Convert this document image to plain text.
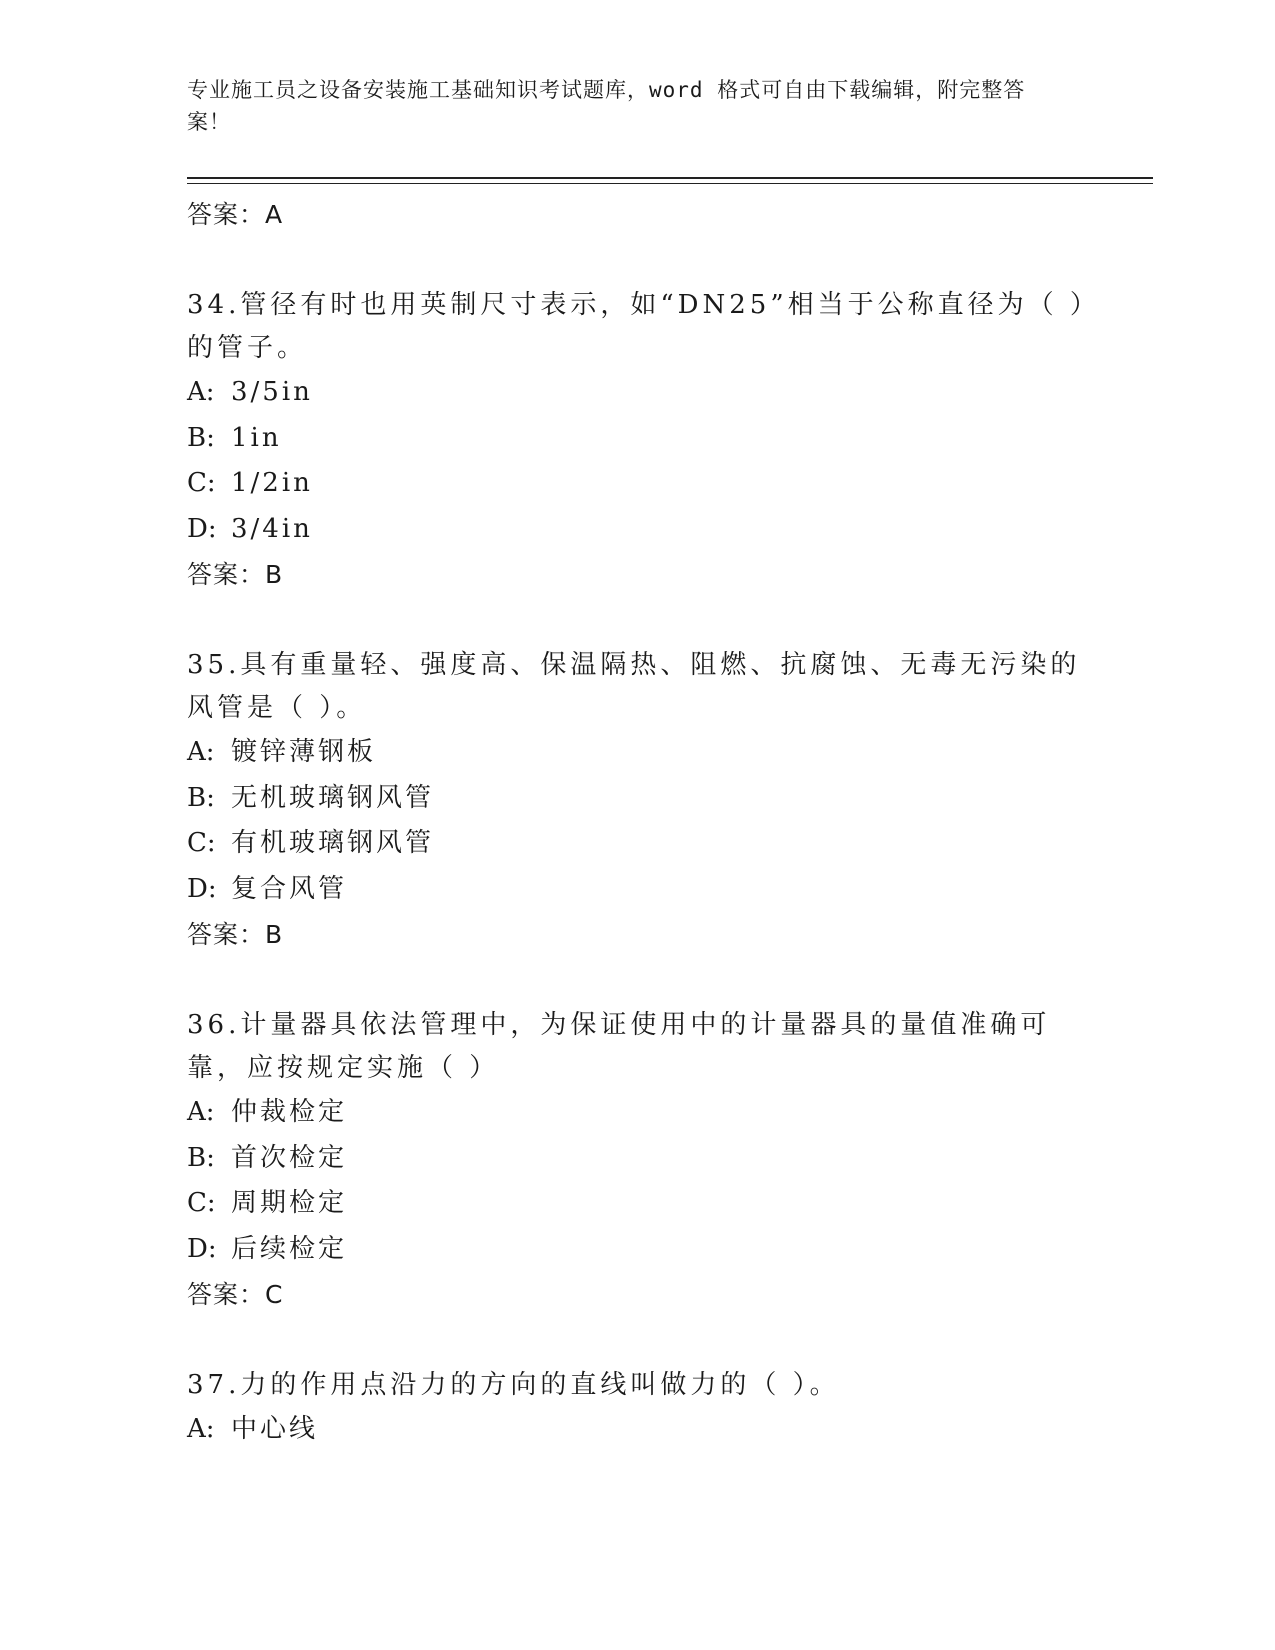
专业施工员之设备安装施工基础知识考试题库，word 格式可自由下载编辑，附完整答案！
答案：A
34.管径有时也用英制尺寸表示，如“DN25”相当于公称直径为（ ）的管子。
A: 3/5in
B: 1in
C: 1/2in
D: 3/4in
答案：B
35.具有重量轻、强度高、保温隔热、阻燃、抗腐蚀、无毒无污染的风管是（ ）。
A: 镀锌薄钢板
B: 无机玻璃钢风管
C: 有机玻璃钢风管
D: 复合风管
答案：B
36.计量器具依法管理中，为保证使用中的计量器具的量值准确可靠，应按规定实施（ ）
A: 仲裁检定
B: 首次检定
C: 周期检定
D: 后续检定
答案：C
37.力的作用点沿力的方向的直线叫做力的（ ）。
A: 中心线
